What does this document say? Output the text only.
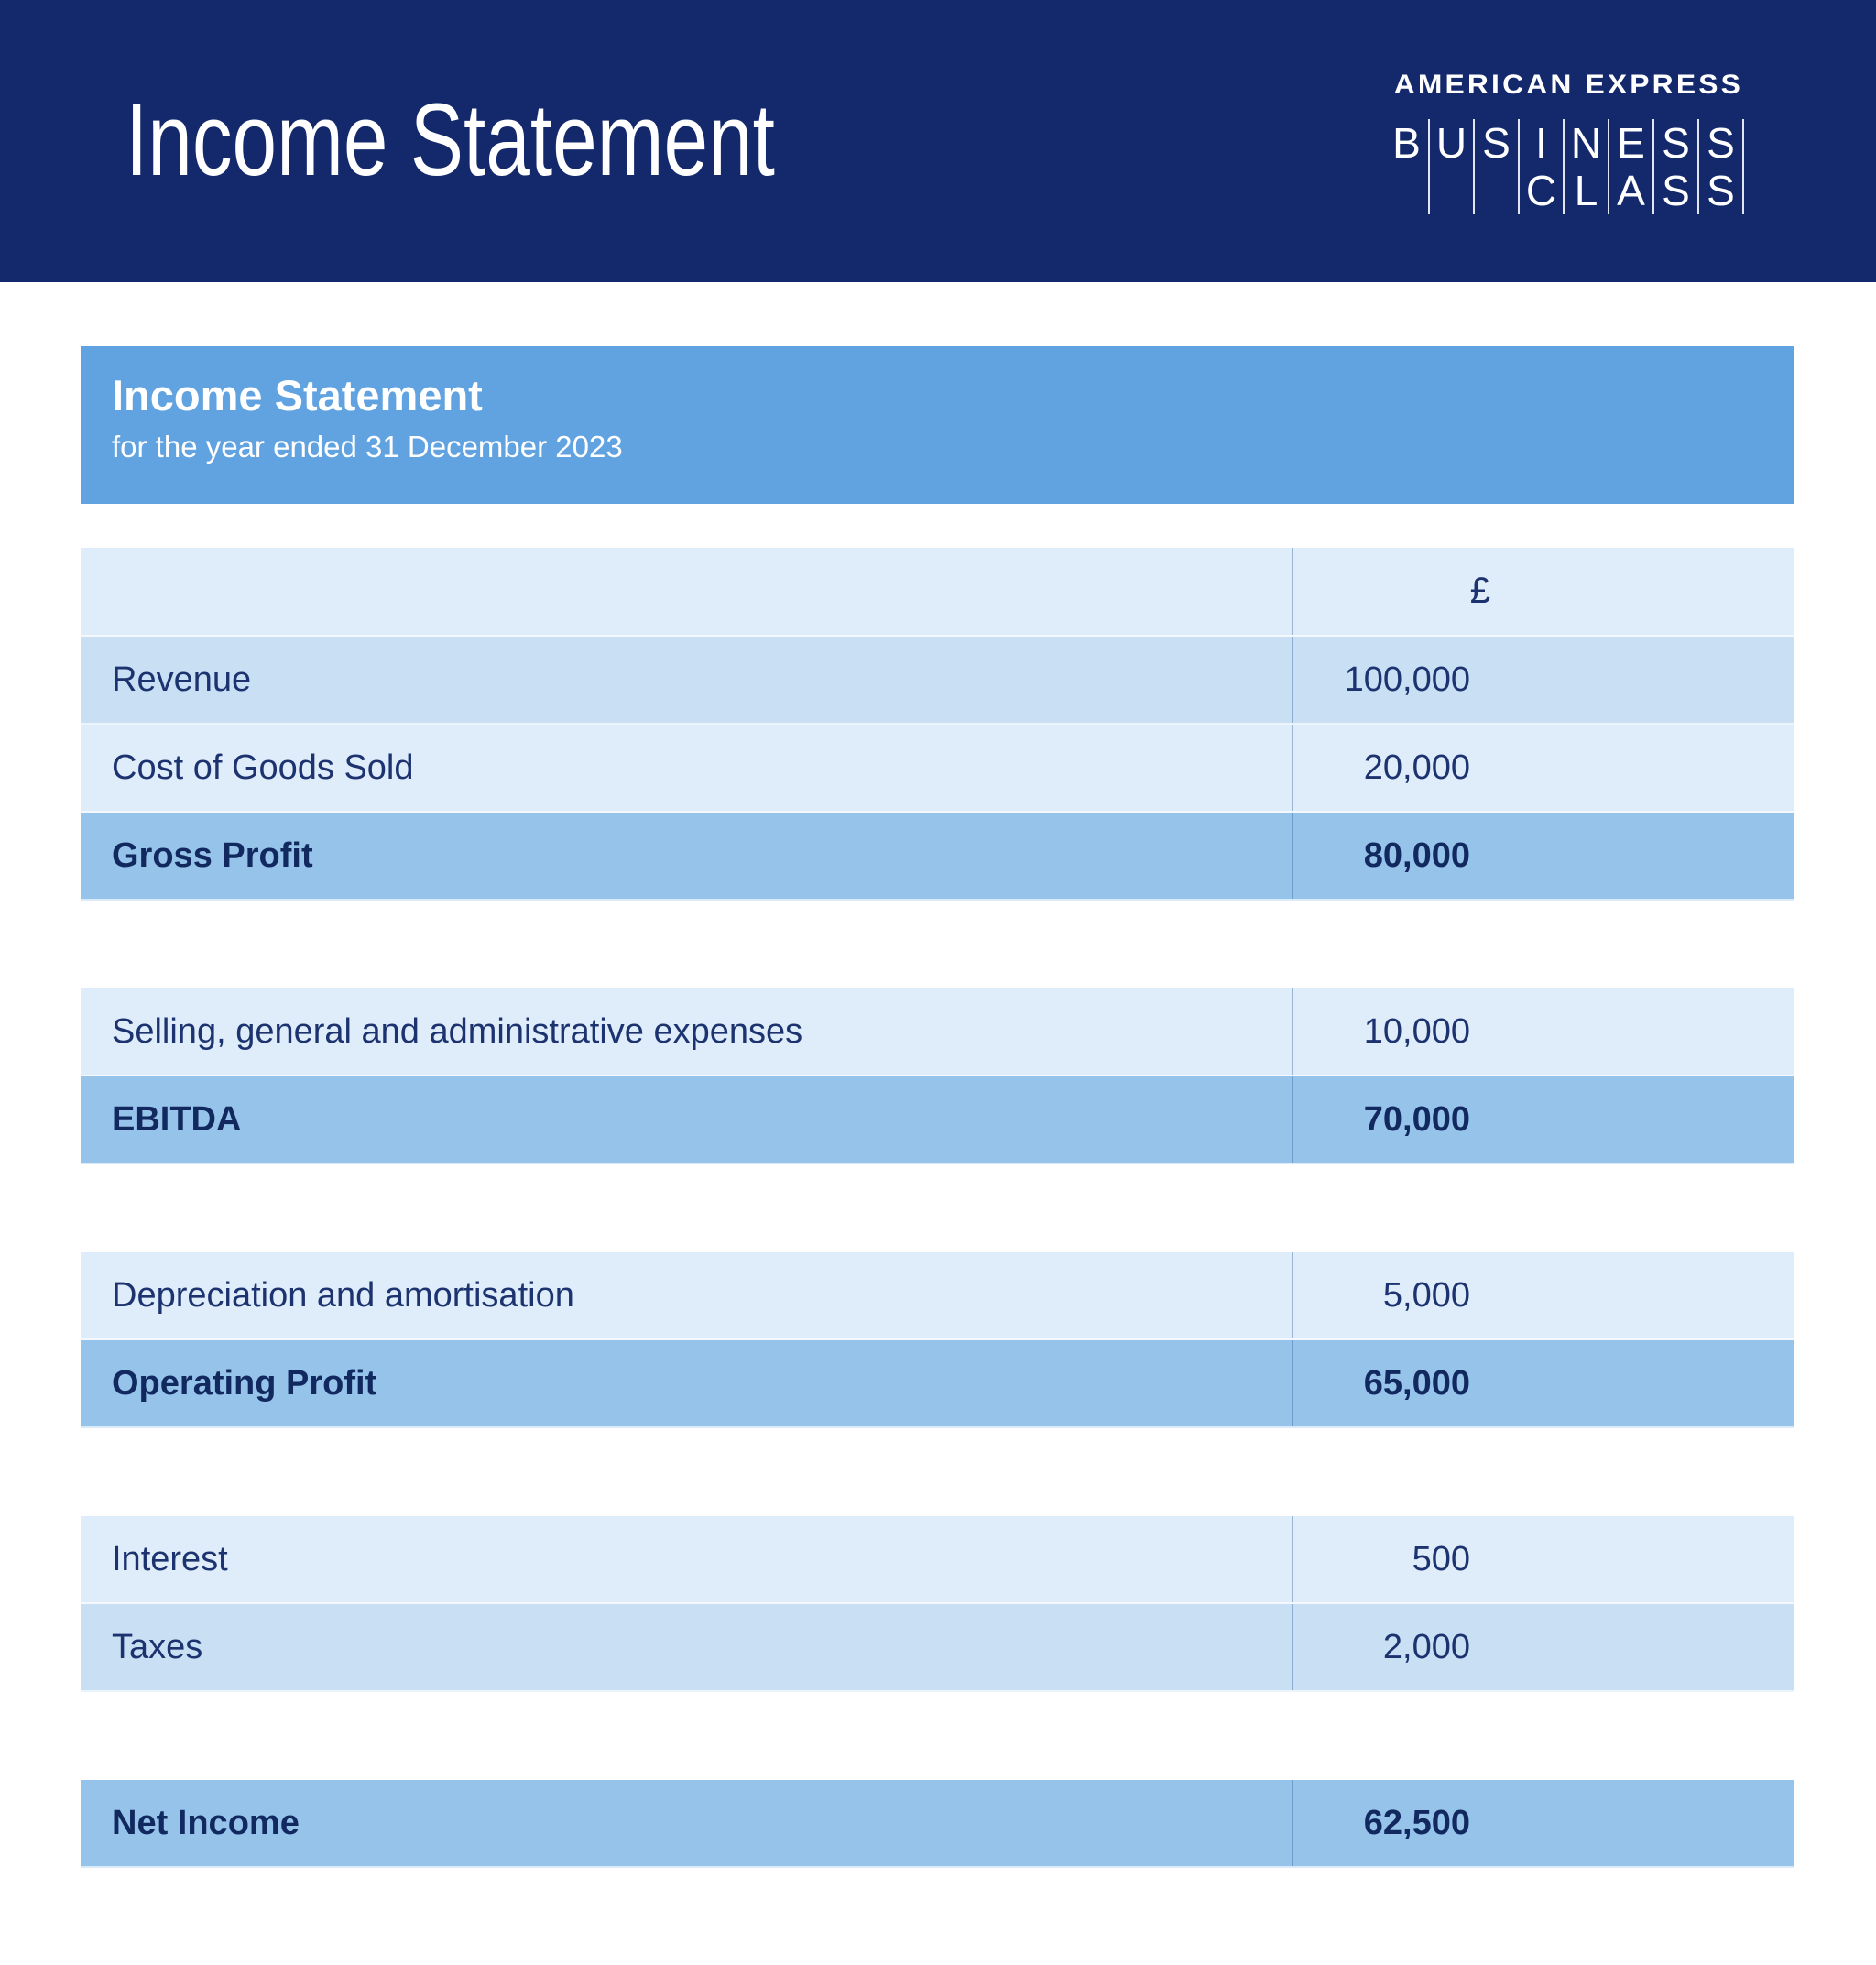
Income Statement	AMERICAN EXPRESS
B U S I N E S S
C L A S S
Income Statement

for the year ended 31 December 2023

£
Revenue	100,000
Cost of Goods Sold	20,000
Gross Profit	80,000
Selling, general and administrative expenses	10,000
EBITDA	70,000
Depreciation and amortisation	5,000
Operating Profit	65,000
Interest	500
Taxes	2,000
Net Income	62,500
